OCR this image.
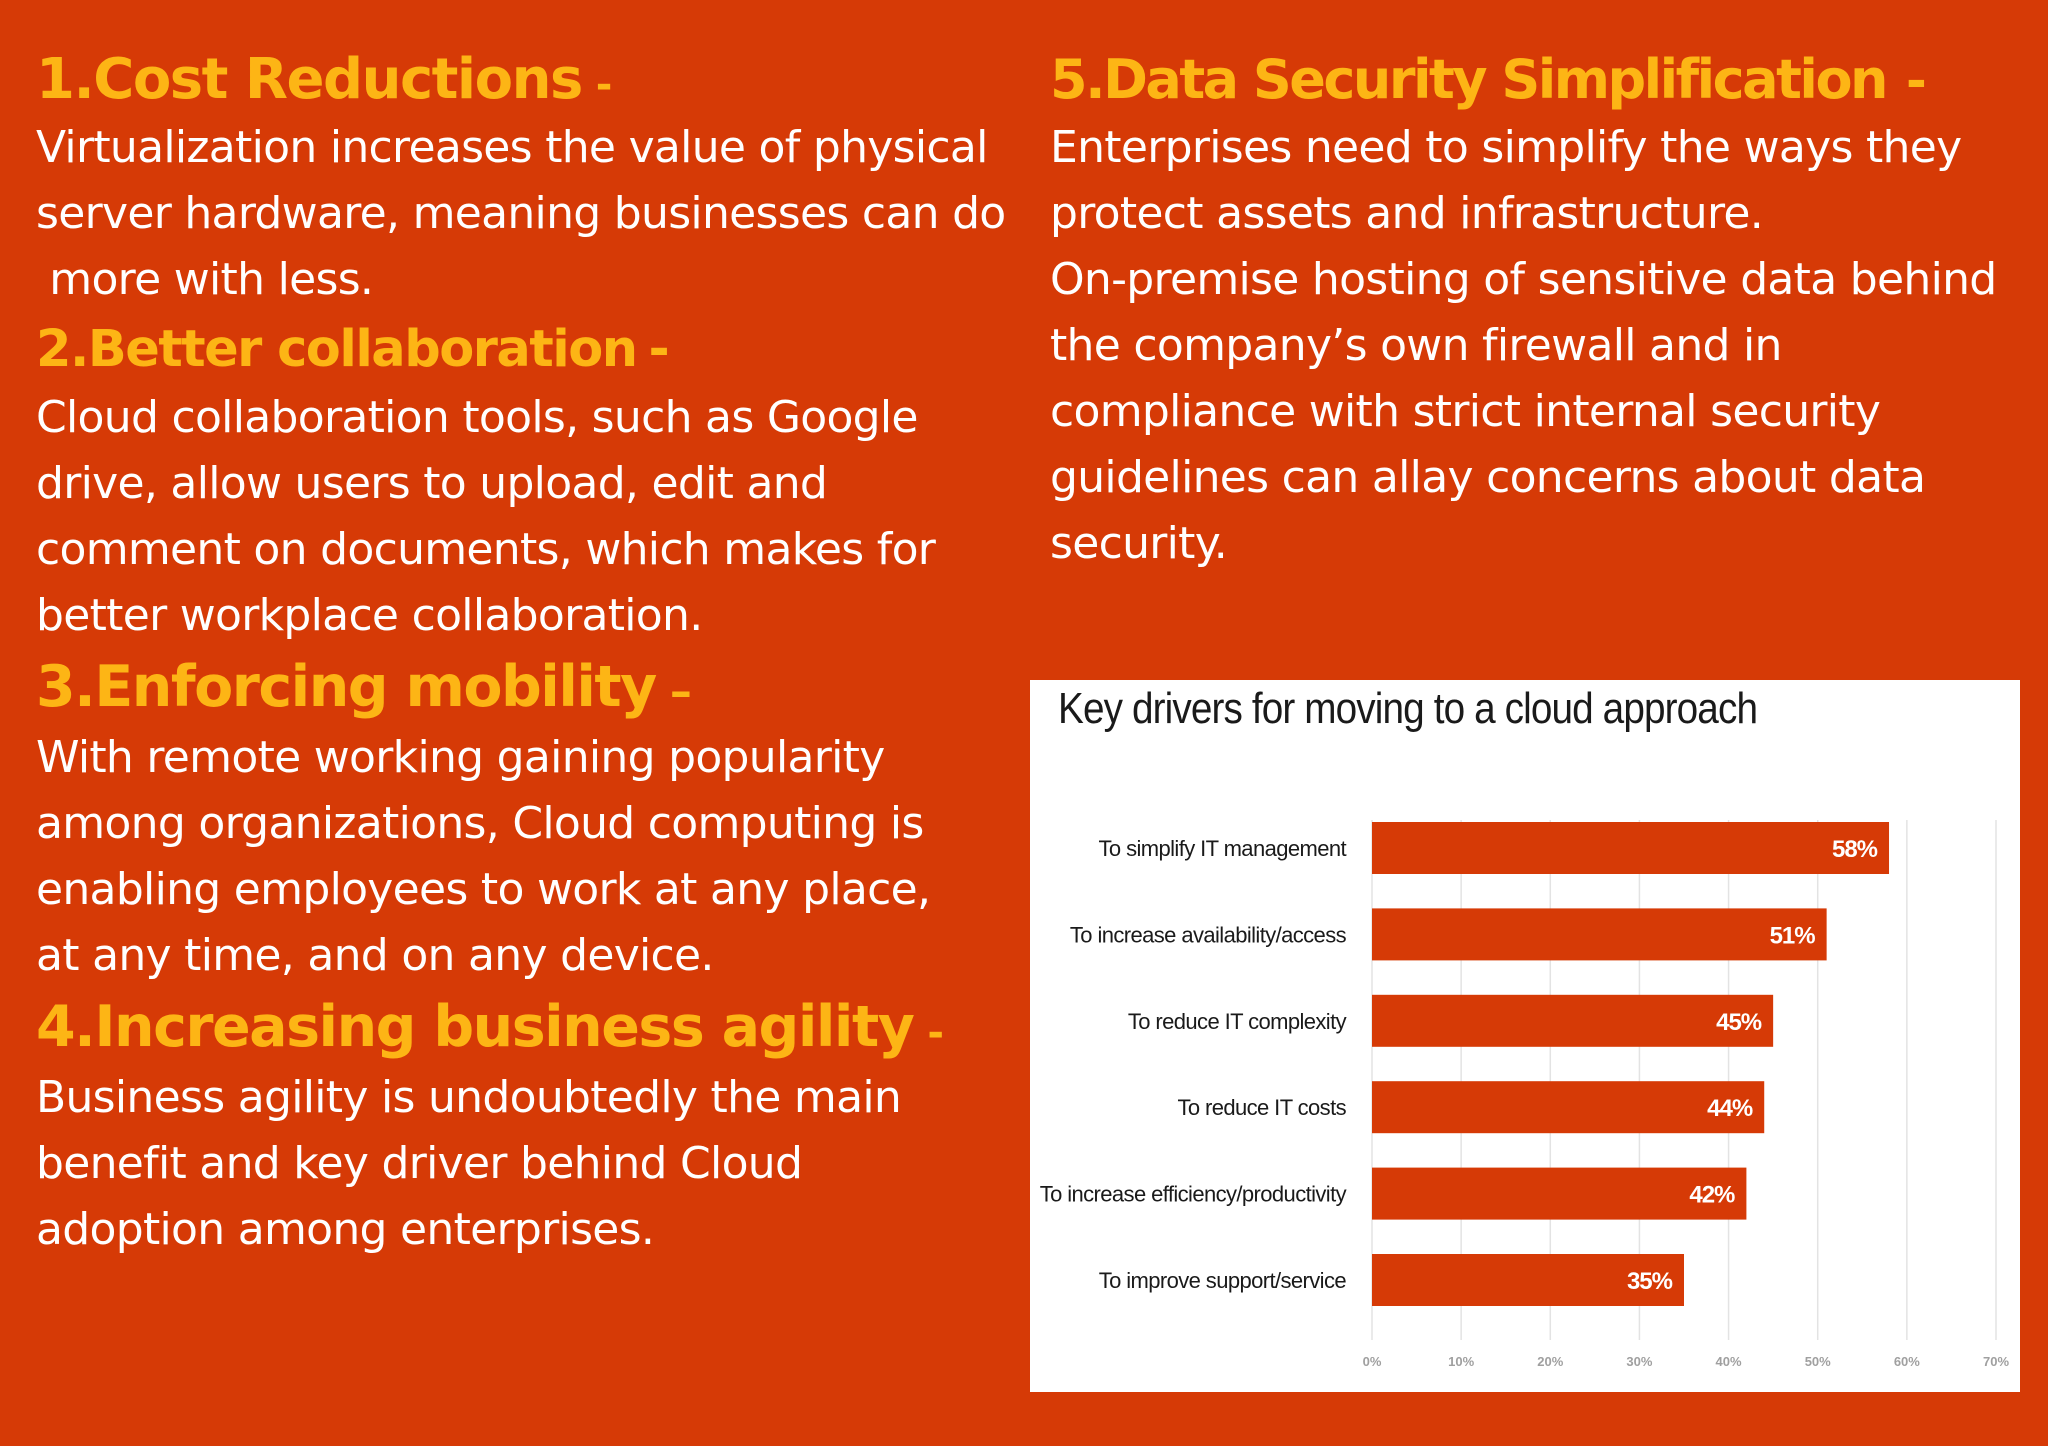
1.Cost Reductions -

Virtualization increases the value of physical
server hardware, meaning businesses can do
more with less.

2.Better collaboration -

Cloud collaboration tools, such as Google
drive, allow users to upload, edit and
comment on documents, which makes for
better workplace collaboration.

3.Enforcing mobility –

With remote working gaining popularity
among organizations, Cloud computing is
enabling employees to work at any place,
at any time, and on any device.

4.Increasing business agility -

Business agility is undoubtedly the main
benefit and key driver behind Cloud
adoption among enterprises.

5.Data Security Simplification -

Enterprises need to simplify the ways they
protect assets and infrastructure.
On-premise hosting of sensitive data behind
the company’s own firewall and in
compliance with strict internal security
guidelines can allay concerns about data
security.

Key drivers for moving to a cloud approach
0%	10%	20%	30%	40%	50%	60%	70%
To simplify IT management	58%
To increase availability/access	51%
To reduce IT complexity	45%
To reduce IT costs	44%
To increase efficiency/productivity	42%
To improve support/service	35%
